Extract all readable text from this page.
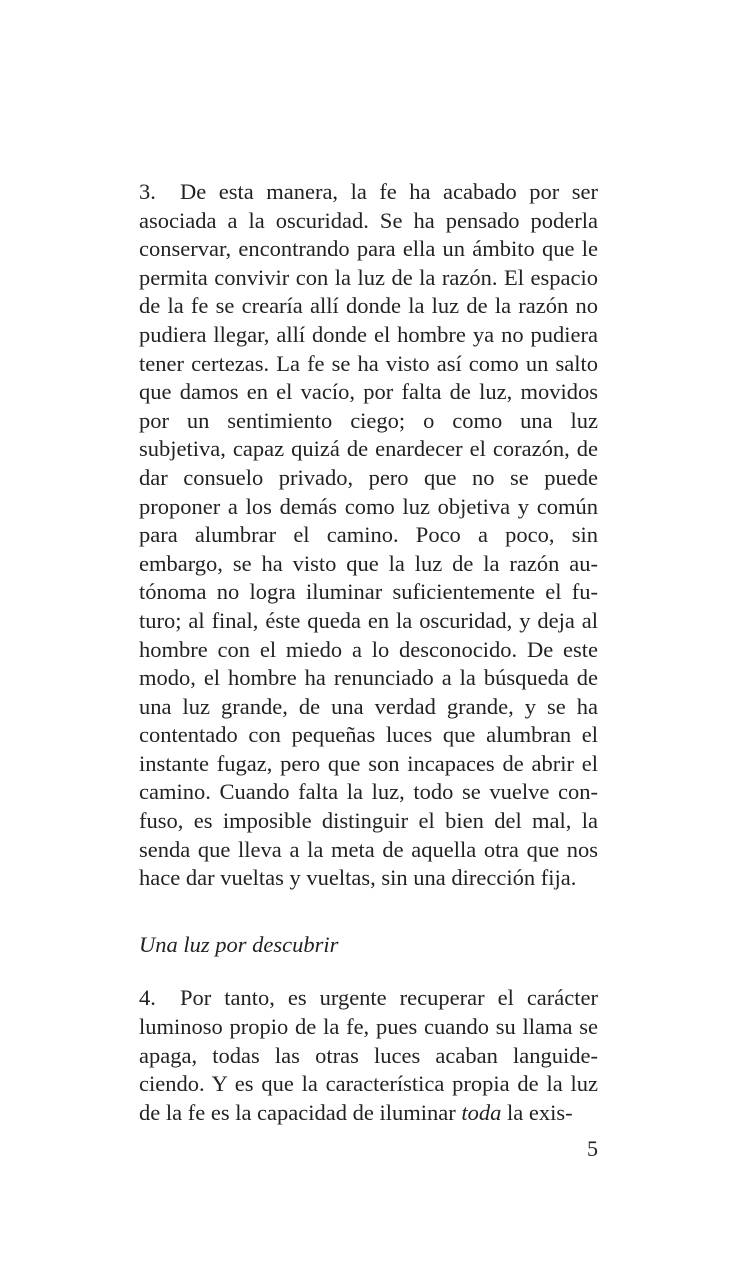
3. De esta manera, la fe ha acabado por ser asociada a la oscuridad. Se ha pensado poderla conservar, encontrando para ella un ámbito que le permita convivir con la luz de la razón. El espacio de la fe se crearía allí donde la luz de la razón no pudiera llegar, allí donde el hombre ya no pudiera tener certezas. La fe se ha visto así como un salto que damos en el vacío, por falta de luz, movidos por un sentimiento ciego; o como una luz subjetiva, capaz quizá de enardecer el corazón, de dar consuelo privado, pero que no se puede proponer a los demás como luz objetiva y común para alumbrar el camino. Poco a poco, sin embargo, se ha visto que la luz de la razón autónoma no logra iluminar suficientemente el futuro; al final, éste queda en la oscuridad, y deja al hombre con el miedo a lo desconocido. De este modo, el hombre ha renunciado a la búsqueda de una luz grande, de una verdad grande, y se ha contentado con pequeñas luces que alumbran el instante fugaz, pero que son incapaces de abrir el camino. Cuando falta la luz, todo se vuelve confuso, es imposible distinguir el bien del mal, la senda que lleva a la meta de aquella otra que nos hace dar vueltas y vueltas, sin una dirección fija.

Una luz por descubrir

4. Por tanto, es urgente recuperar el carácter luminoso propio de la fe, pues cuando su llama se apaga, todas las otras luces acaban languideciendo. Y es que la característica propia de la luz de la fe es la capacidad de iluminar toda la exis-

5
